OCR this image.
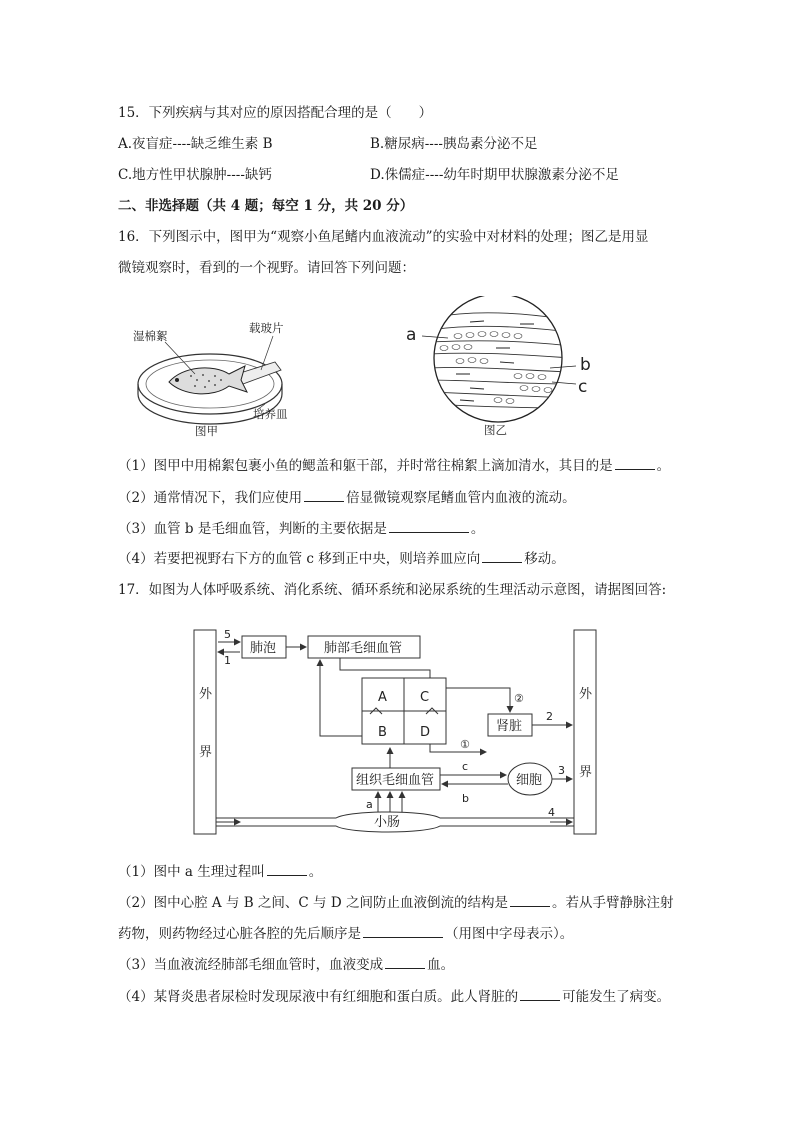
15．下列疾病与其对应的原因搭配合理的是（　　）
A.夜盲症----缺乏维生素 B	B.糖尿病----胰岛素分泌不足
C.地方性甲状腺肿----缺钙	D.侏儒症----幼年时期甲状腺激素分泌不足
二、非选择题（共 4 题；每空 1 分，共 20 分）
16．下列图示中，图甲为“观察小鱼尾鳍内血液流动”的实验中对材料的处理；图乙是用显
微镜观察时，看到的一个视野。请回答下列问题：
湿棉絮
载玻片
培养皿
图甲
a
b
c
图乙
（1）图甲中用棉絮包裹小鱼的鳃盖和躯干部，并时常往棉絮上滴加清水，其目的是	。
（2）通常情况下，我们应使用	倍显微镜观察尾鳍血管内血液的流动。
（3）血管 b 是毛细血管，判断的主要依据是	。
（4）若要把视野右下方的血管 c 移到正中央，则培养皿应向	移动。
17．如图为人体呼吸系统、消化系统、循环系统和泌尿系统的生理活动示意图，请据图回答:
外
界
外
界
肺泡	肺部毛细血管
组织毛细血管
肾脏
细胞
小肠
A
B
C
D
5
1
2
3
4
②
①
a	b
c
（1）图中 a 生理过程叫	。
（2）图中心腔 A 与 B 之间、C 与 D 之间防止血液倒流的结构是	。若从手臂静脉注射
药物，则药物经过心脏各腔的先后顺序是	（用图中字母表示）。
（3）当血液流经肺部毛细血管时，血液变成	血。
（4）某肾炎患者尿检时发现尿液中有红细胞和蛋白质。此人肾脏的	可能发生了病变。
